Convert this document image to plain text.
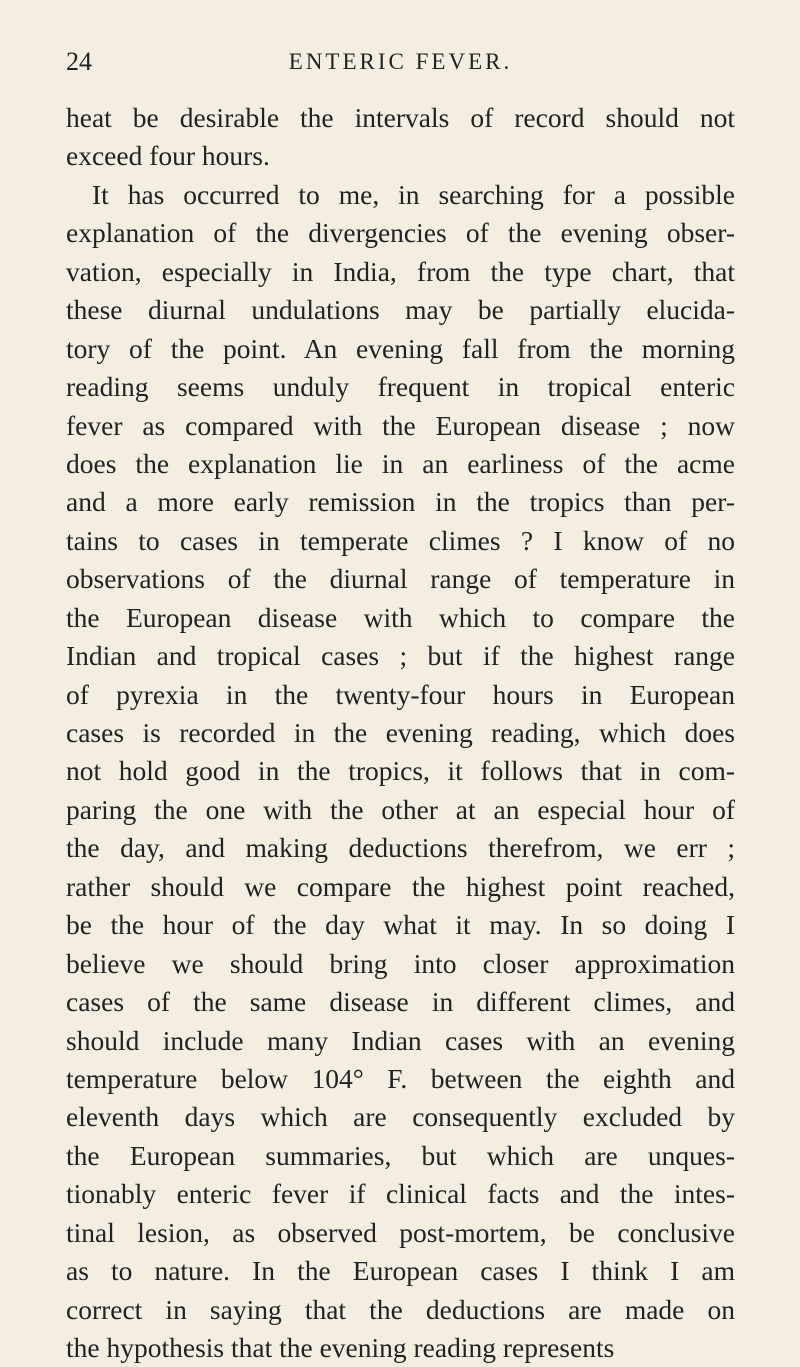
24	ENTERIC FEVER.
heat be desirable the intervals of record should not
exceed four hours.
It has occurred to me, in searching for a possible
explanation of the divergencies of the evening obser-
vation, especially in India, from the type chart, that
these diurnal undulations may be partially elucida-
tory of the point. An evening fall from the morning
reading seems unduly frequent in tropical enteric
fever as compared with the European disease ; now
does the explanation lie in an earliness of the acme
and a more early remission in the tropics than per-
tains to cases in temperate climes ? I know of no
observations of the diurnal range of temperature in
the European disease with which to compare the
Indian and tropical cases ; but if the highest range
of pyrexia in the twenty-four hours in European
cases is recorded in the evening reading, which does
not hold good in the tropics, it follows that in com-
paring the one with the other at an especial hour of
the day, and making deductions therefrom, we err ;
rather should we compare the highest point reached,
be the hour of the day what it may. In so doing I
believe we should bring into closer approximation
cases of the same disease in different climes, and
should include many Indian cases with an evening
temperature below 104° F. between the eighth and
eleventh days which are consequently excluded by
the European summaries, but which are unques-
tionably enteric fever if clinical facts and the intes-
tinal lesion, as observed post-mortem, be conclusive
as to nature. In the European cases I think I am
correct in saying that the deductions are made on
the hypothesis that the evening reading represents
